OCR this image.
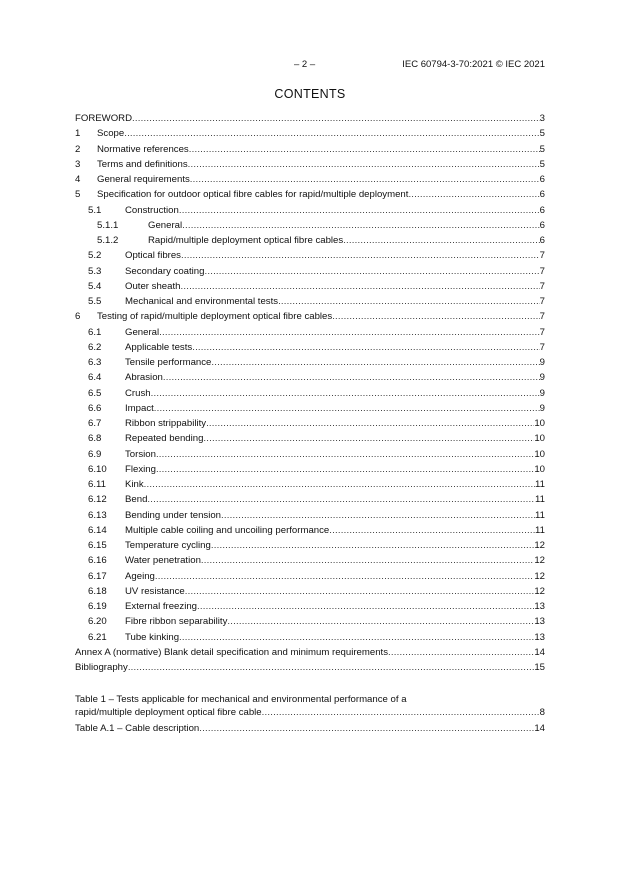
– 2 –	IEC 60794-3-70:2021 © IEC 2021
CONTENTS
FOREWORD .....	3
1	Scope .....	5
2	Normative references .....	5
3	Terms and definitions .....	5
4	General requirements .....	6
5	Specification for outdoor optical fibre cables for rapid/multiple deployment .....	6
5.1	Construction .....	6
5.1.1	General .....	6
5.1.2	Rapid/multiple deployment optical fibre cables .....	6
5.2	Optical fibres .....	7
5.3	Secondary coating .....	7
5.4	Outer sheath .....	7
5.5	Mechanical and environmental tests .....	7
6	Testing of rapid/multiple deployment optical fibre cables .....	7
6.1	General .....	7
6.2	Applicable tests .....	7
6.3	Tensile performance .....	9
6.4	Abrasion .....	9
6.5	Crush .....	9
6.6	Impact .....	9
6.7	Ribbon strippability .....	10
6.8	Repeated bending .....	10
6.9	Torsion .....	10
6.10	Flexing .....	10
6.11	Kink .....	11
6.12	Bend .....	11
6.13	Bending under tension .....	11
6.14	Multiple cable coiling and uncoiling performance .....	11
6.15	Temperature cycling .....	12
6.16	Water penetration .....	12
6.17	Ageing .....	12
6.18	UV resistance .....	12
6.19	External freezing .....	13
6.20	Fibre ribbon separability .....	13
6.21	Tube kinking .....	13
Annex A (normative) Blank detail specification and minimum requirements .....	14
Bibliography .....	15
Table 1 – Tests applicable for mechanical and environmental performance of a
rapid/multiple deployment optical fibre cable .....	8
Table A.1 – Cable description .....	14
